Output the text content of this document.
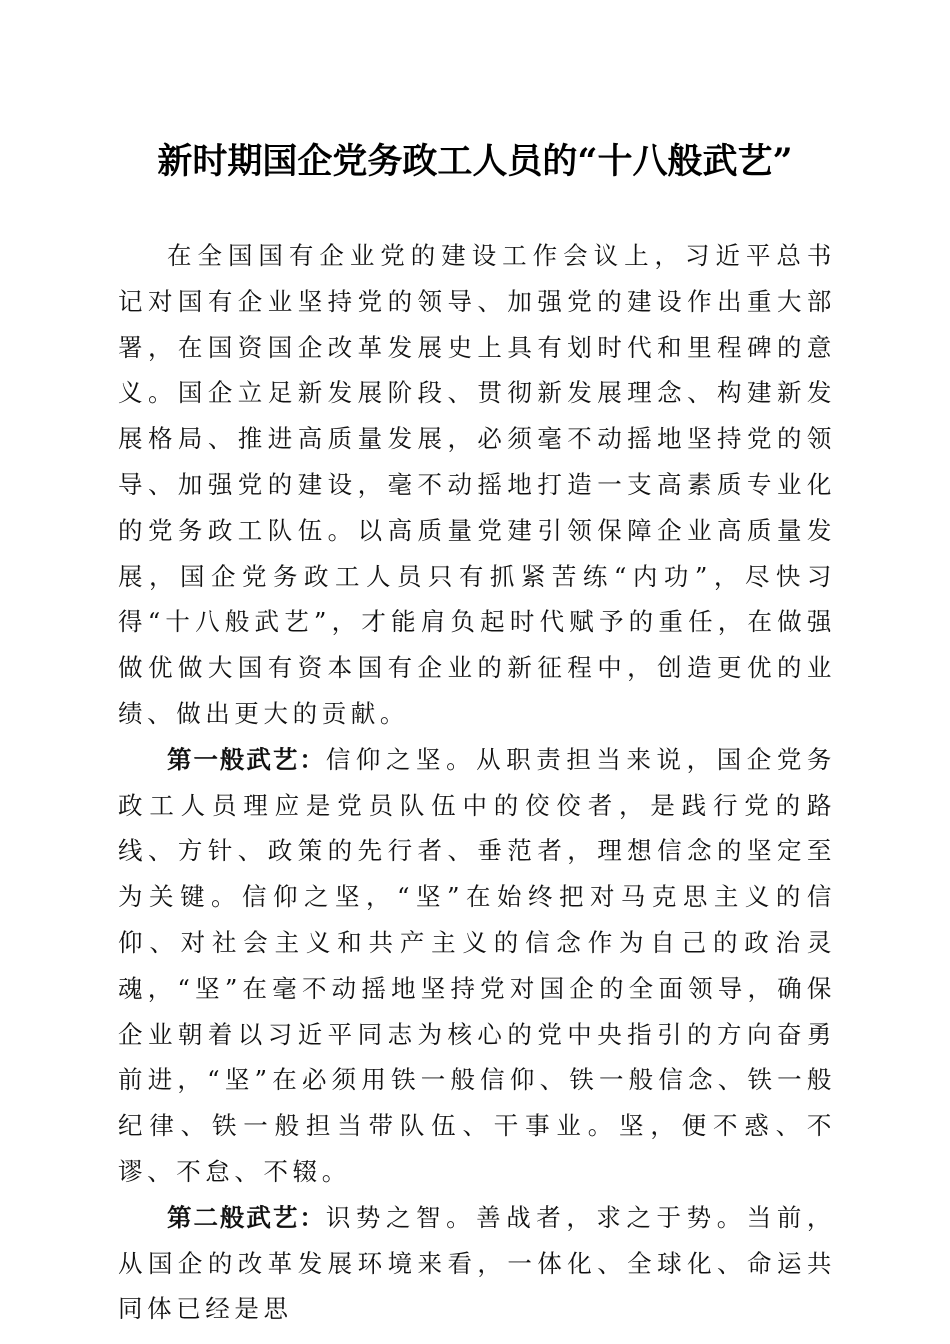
新时期国企党务政工人员的“十八般武艺”

在全国国有企业党的建设工作会议上，习近平总书记对国有企业坚持党的领导、加强党的建设作出重大部署，在国资国企改革发展史上具有划时代和里程碑的意义。国企立足新发展阶段、贯彻新发展理念、构建新发展格局、推进高质量发展，必须毫不动摇地坚持党的领导、加强党的建设，毫不动摇地打造一支高素质专业化的党务政工队伍。以高质量党建引领保障企业高质量发展，国企党务政工人员只有抓紧苦练“内功”，尽快习得“十八般武艺”，才能肩负起时代赋予的重任，在做强做优做大国有资本国有企业的新征程中，创造更优的业绩、做出更大的贡献。

第一般武艺：信仰之坚。从职责担当来说，国企党务政工人员理应是党员队伍中的佼佼者，是践行党的路线、方针、政策的先行者、垂范者，理想信念的坚定至为关键。信仰之坚，“坚”在始终把对马克思主义的信仰、对社会主义和共产主义的信念作为自己的政治灵魂，“坚”在毫不动摇地坚持党对国企的全面领导，确保企业朝着以习近平同志为核心的党中央指引的方向奋勇前进，“坚”在必须用铁一般信仰、铁一般信念、铁一般纪律、铁一般担当带队伍、干事业。坚，便不惑、不谬、不怠、不辍。

第二般武艺：识势之智。善战者，求之于势。当前，从国企的改革发展环境来看，一体化、全球化、命运共同体已经是思
